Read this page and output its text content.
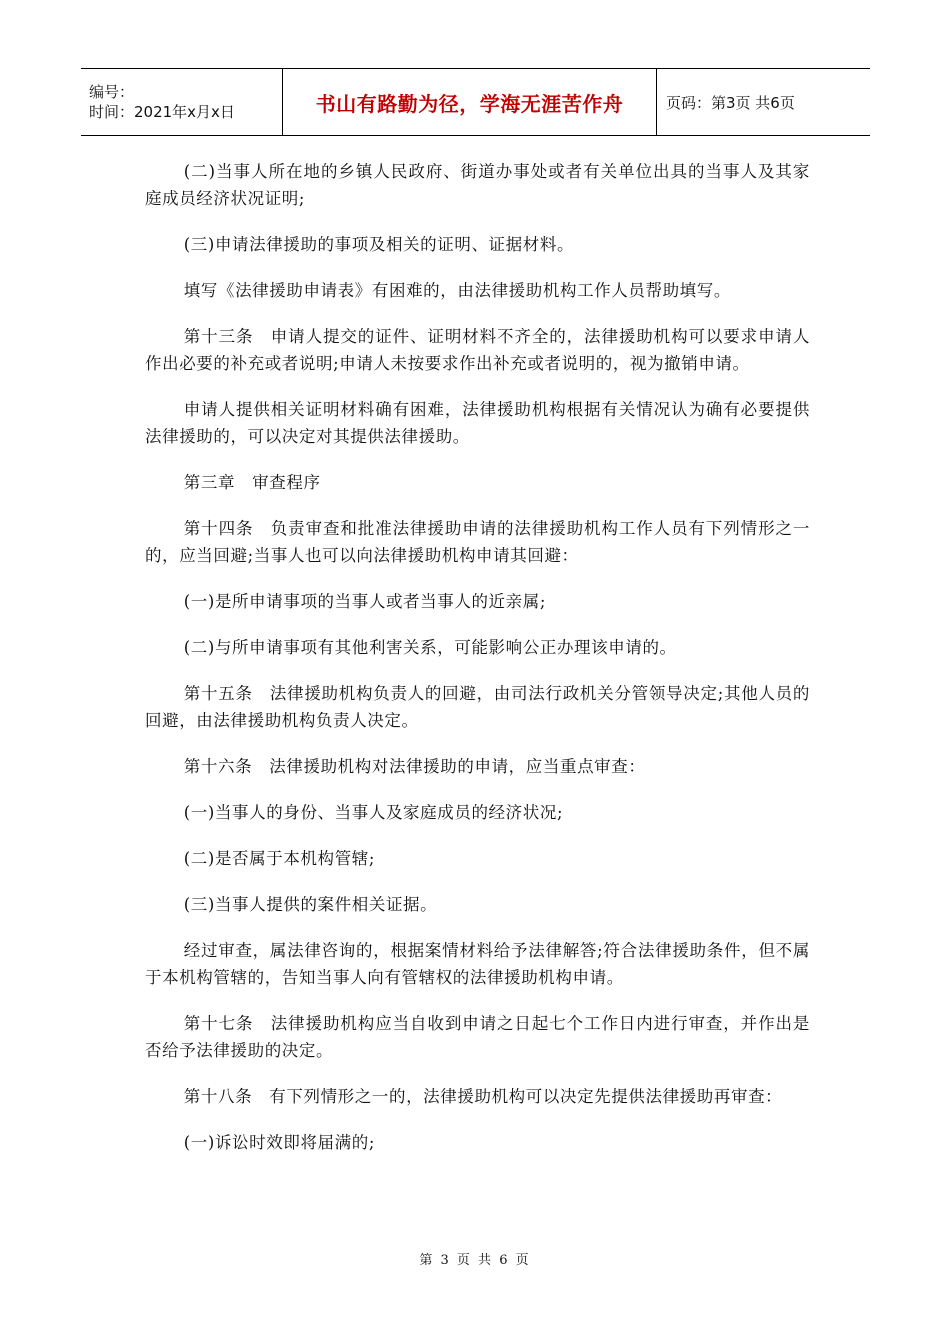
编号：
时间：2021年x月x日	书山有路勤为径，学海无涯苦作舟	页码：第3页 共6页

(二)当事人所在地的乡镇人民政府、街道办事处或者有关单位出具的当事人及其家庭成员经济状况证明;

(三)申请法律援助的事项及相关的证明、证据材料。

填写《法律援助申请表》有困难的，由法律援助机构工作人员帮助填写。

第十三条　申请人提交的证件、证明材料不齐全的，法律援助机构可以要求申请人作出必要的补充或者说明;申请人未按要求作出补充或者说明的，视为撤销申请。

申请人提供相关证明材料确有困难，法律援助机构根据有关情况认为确有必要提供法律援助的，可以决定对其提供法律援助。

第三章　审查程序

第十四条　负责审查和批准法律援助申请的法律援助机构工作人员有下列情形之一的，应当回避;当事人也可以向法律援助机构申请其回避：

(一)是所申请事项的当事人或者当事人的近亲属;

(二)与所申请事项有其他利害关系，可能影响公正办理该申请的。

第十五条　法律援助机构负责人的回避，由司法行政机关分管领导决定;其他人员的回避，由法律援助机构负责人决定。

第十六条　法律援助机构对法律援助的申请，应当重点审查：

(一)当事人的身份、当事人及家庭成员的经济状况;

(二)是否属于本机构管辖;

(三)当事人提供的案件相关证据。

经过审查，属法律咨询的，根据案情材料给予法律解答;符合法律援助条件，但不属于本机构管辖的，告知当事人向有管辖权的法律援助机构申请。

第十七条　法律援助机构应当自收到申请之日起七个工作日内进行审查，并作出是否给予法律援助的决定。

第十八条　有下列情形之一的，法律援助机构可以决定先提供法律援助再审查：

(一)诉讼时效即将届满的;

第 3 页 共 6 页
